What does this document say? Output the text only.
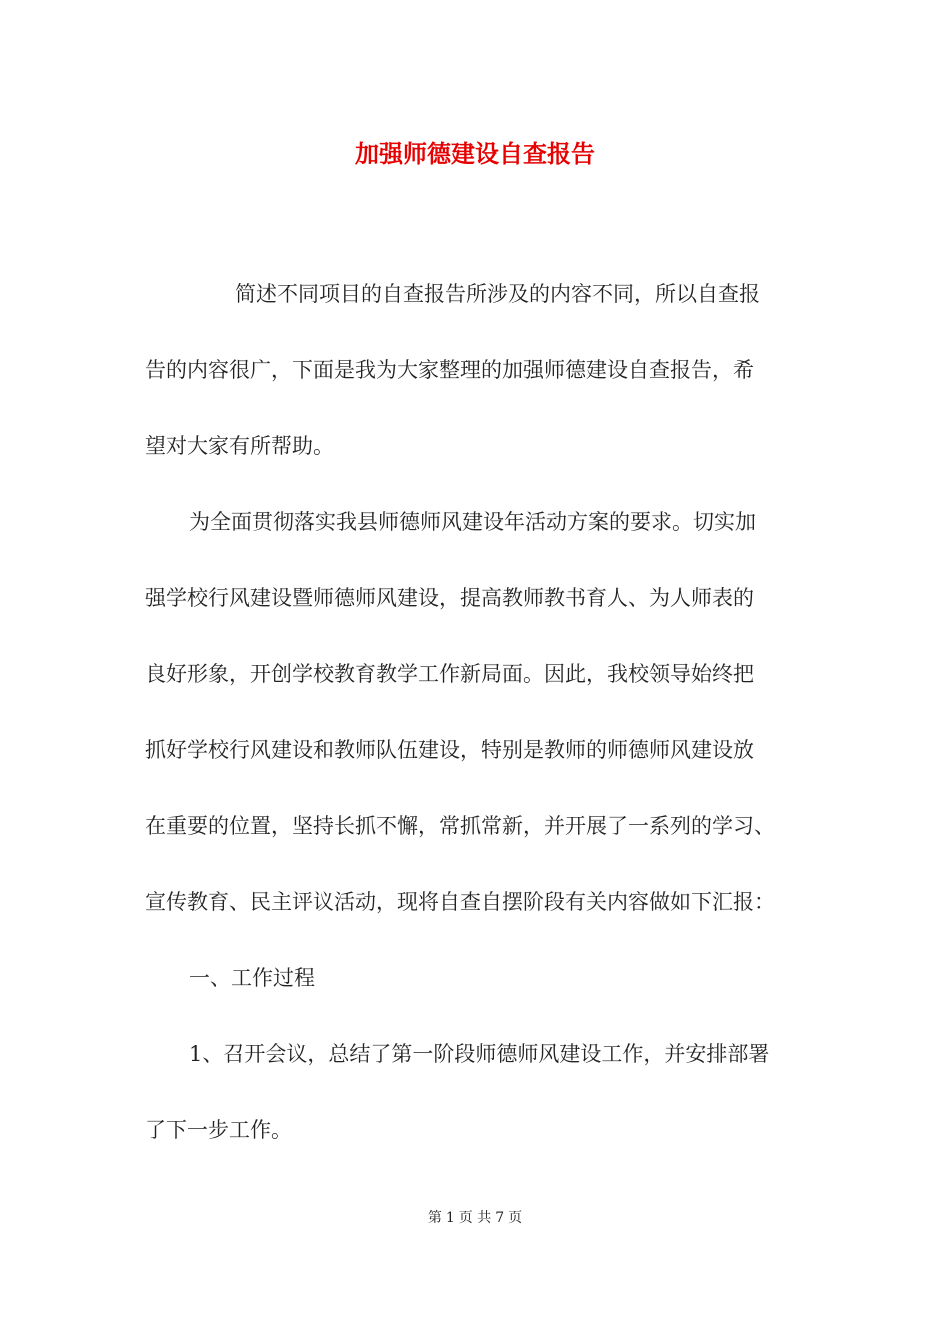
加强师德建设自查报告

简述不同项目的自查报告所涉及的内容不同，所以自查报
告的内容很广，下面是我为大家整理的加强师德建设自查报告，希
望对大家有所帮助。

为全面贯彻落实我县师德师风建设年活动方案的要求。切实加
强学校行风建设暨师德师风建设，提高教师教书育人、为人师表的
良好形象，开创学校教育教学工作新局面。因此，我校领导始终把
抓好学校行风建设和教师队伍建设，特别是教师的师德师风建设放
在重要的位置，坚持长抓不懈，常抓常新，并开展了一系列的学习、
宣传教育、民主评议活动，现将自查自摆阶段有关内容做如下汇报：

一、工作过程

1、召开会议，总结了第一阶段师德师风建设工作，并安排部署
了下一步工作。

第 1 页 共 7 页
